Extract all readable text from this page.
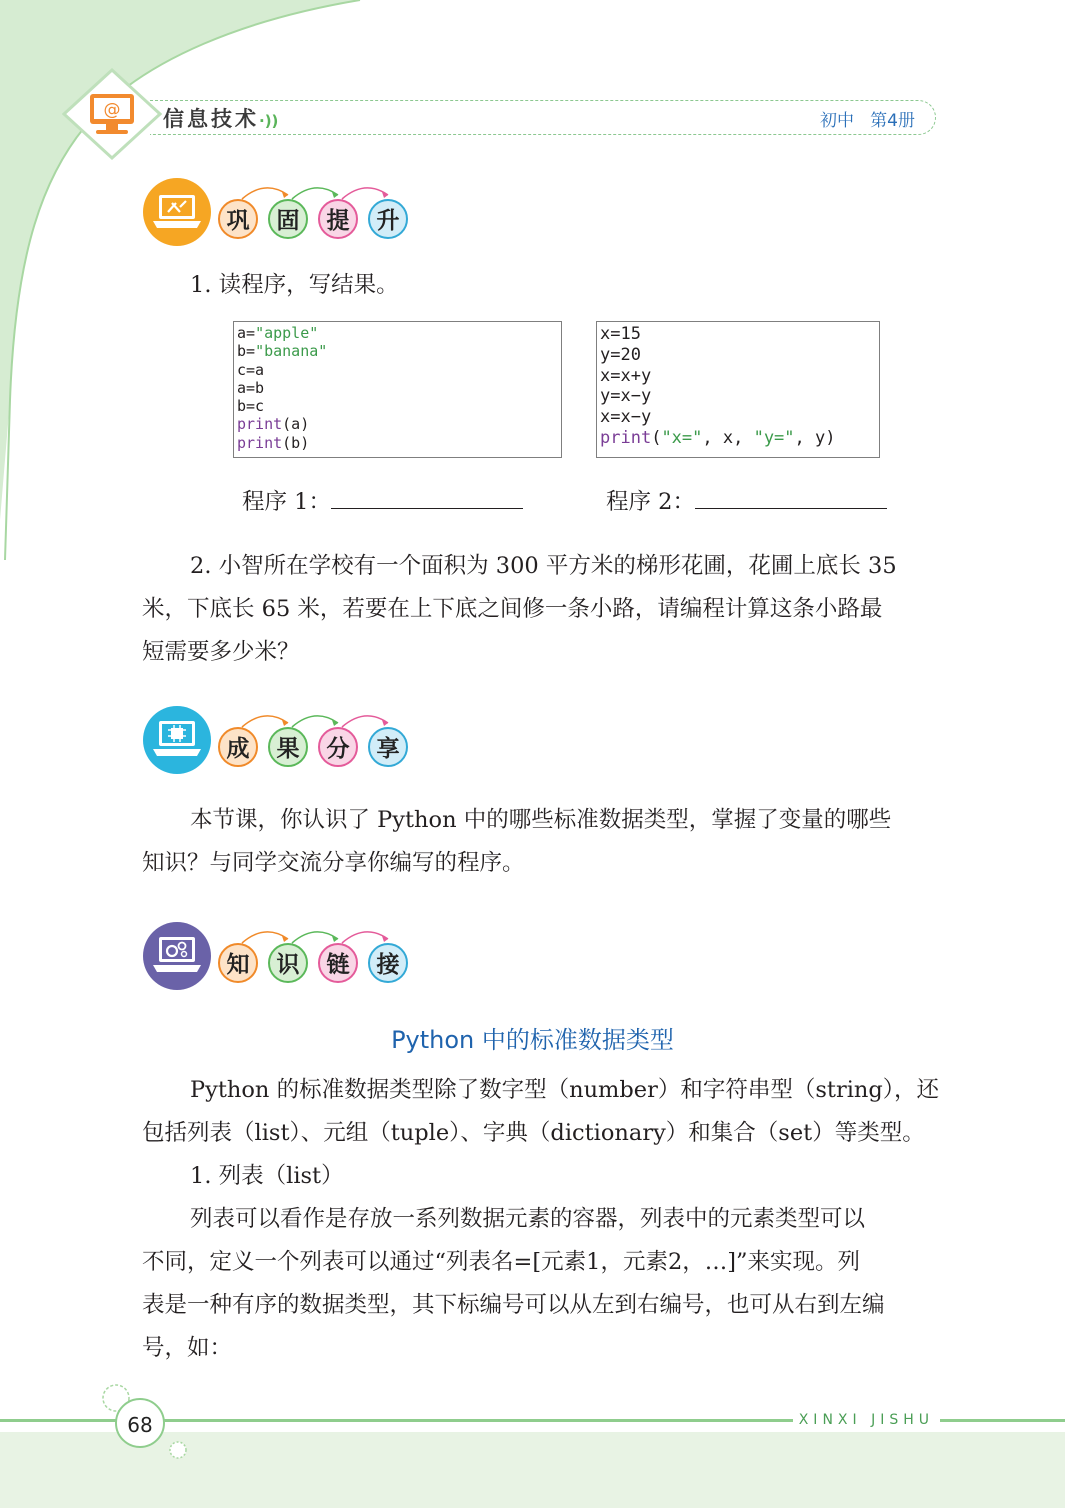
@ 信息技术·))	初中 第4册
巩	固	提	升
1. 读程序，写结果。
a="apple"
b="banana"
c=a
a=b
b=c
print(a)
print(b)
x=15
y=20
x=x+y
y=x−y
x=x−y
print("x=", x, "y=", y)
程序 1：	程序 2：
2. 小智所在学校有一个面积为 300 平方米的梯形花圃，花圃上底长 35
米，下底长 65 米，若要在上下底之间修一条小路，请编程计算这条小路最
短需要多少米？
成	果	分	享
本节课，你认识了 Python 中的哪些标准数据类型，掌握了变量的哪些
知识？与同学交流分享你编写的程序。
知	识	链	接
Python 中的标准数据类型
Python 的标准数据类型除了数字型（number）和字符串型（string），还
包括列表（list）、元组（tuple）、字典（dictionary）和集合（set）等类型。
1. 列表（list）
列表可以看作是存放一系列数据元素的容器，列表中的元素类型可以
不同，定义一个列表可以通过“列表名=[元素1，元素2，…]”来实现。列
表是一种有序的数据类型，其下标编号可以从左到右编号，也可从右到左编
号，如：
68	XINXI JISHU
